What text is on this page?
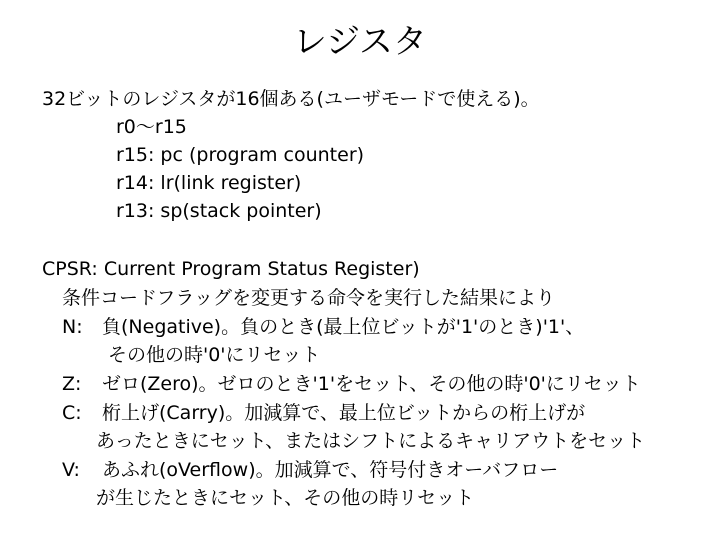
レジスタ
32ビットのレジスタが16個ある(ユーザモードで使える)。
r0～r15
r15: pc (program counter)
r14: lr(link register)
r13: sp(stack pointer)
CPSR: Current Program Status Register)
条件コードフラッグを変更する命令を実行した結果により
N: 負(Negative)。負のとき(最上位ビットが'1'のとき)'1'、
その他の時'0'にリセット
Z: ゼロ(Zero)。ゼロのとき'1'をセット、その他の時'0'にリセット
C: 桁上げ(Carry)。加減算で、最上位ビットからの桁上げが
あったときにセット、またはシフトによるキャリアウトをセット
V: あふれ(oVerflow)。加減算で、符号付きオーバフロー
が生じたときにセット、その他の時リセット
